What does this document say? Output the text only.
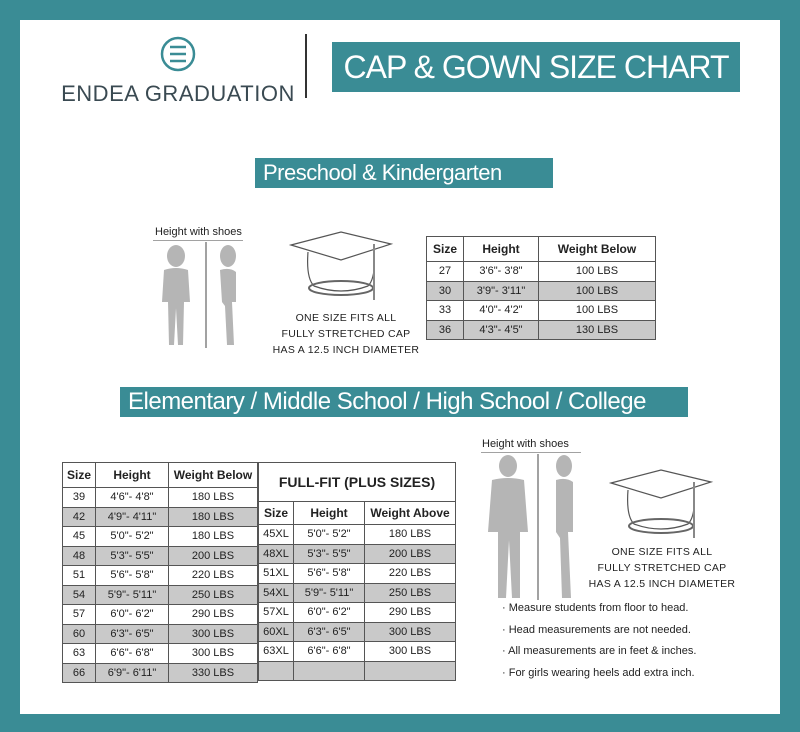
ENDEA GRADUATION
CAP & GOWN SIZE CHART
Preschool & Kindergarten
Height with shoes
ONE SIZE FITS ALL
FULLY STRETCHED CAP
HAS A 12.5 INCH DIAMETER
Size	Height	Weight Below
27	3'6"- 3'8"	100 LBS
30	3'9"- 3'11"	100 LBS
33	4'0"- 4'2"	100 LBS
36	4'3"- 4'5"	130 LBS
Elementary / Middle School / High School / College
Size	Height	Weight Below
39	4'6"- 4'8"	180 LBS
42	4'9"- 4'11"	180 LBS
45	5'0"- 5'2"	180 LBS
48	5'3"- 5'5"	200 LBS
51	5'6"- 5'8"	220 LBS
54	5'9"- 5'11"	250 LBS
57	6'0"- 6'2"	290 LBS
60	6'3"- 6'5"	300 LBS
63	6'6"- 6'8"	300 LBS
66	6'9"- 6'11"	330 LBS
FULL-FIT (PLUS SIZES)		
Size	Height	Weight Above
45XL	5'0"- 5'2"	180 LBS
48XL	5'3"- 5'5"	200 LBS
51XL	5'6"- 5'8"	220 LBS
54XL	5'9"- 5'11"	250 LBS
57XL	6'0"- 6'2"	290 LBS
60XL	6'3"- 6'5"	300 LBS
63XL	6'6"- 6'8"	300 LBS

Height with shoes
ONE SIZE FITS ALL
FULLY STRETCHED CAP
HAS A 12.5 INCH DIAMETER
· Measure students from floor to head.
· Head measurements are not needed.
· All measurements are in feet & inches.
· For girls wearing heels add extra inch.
